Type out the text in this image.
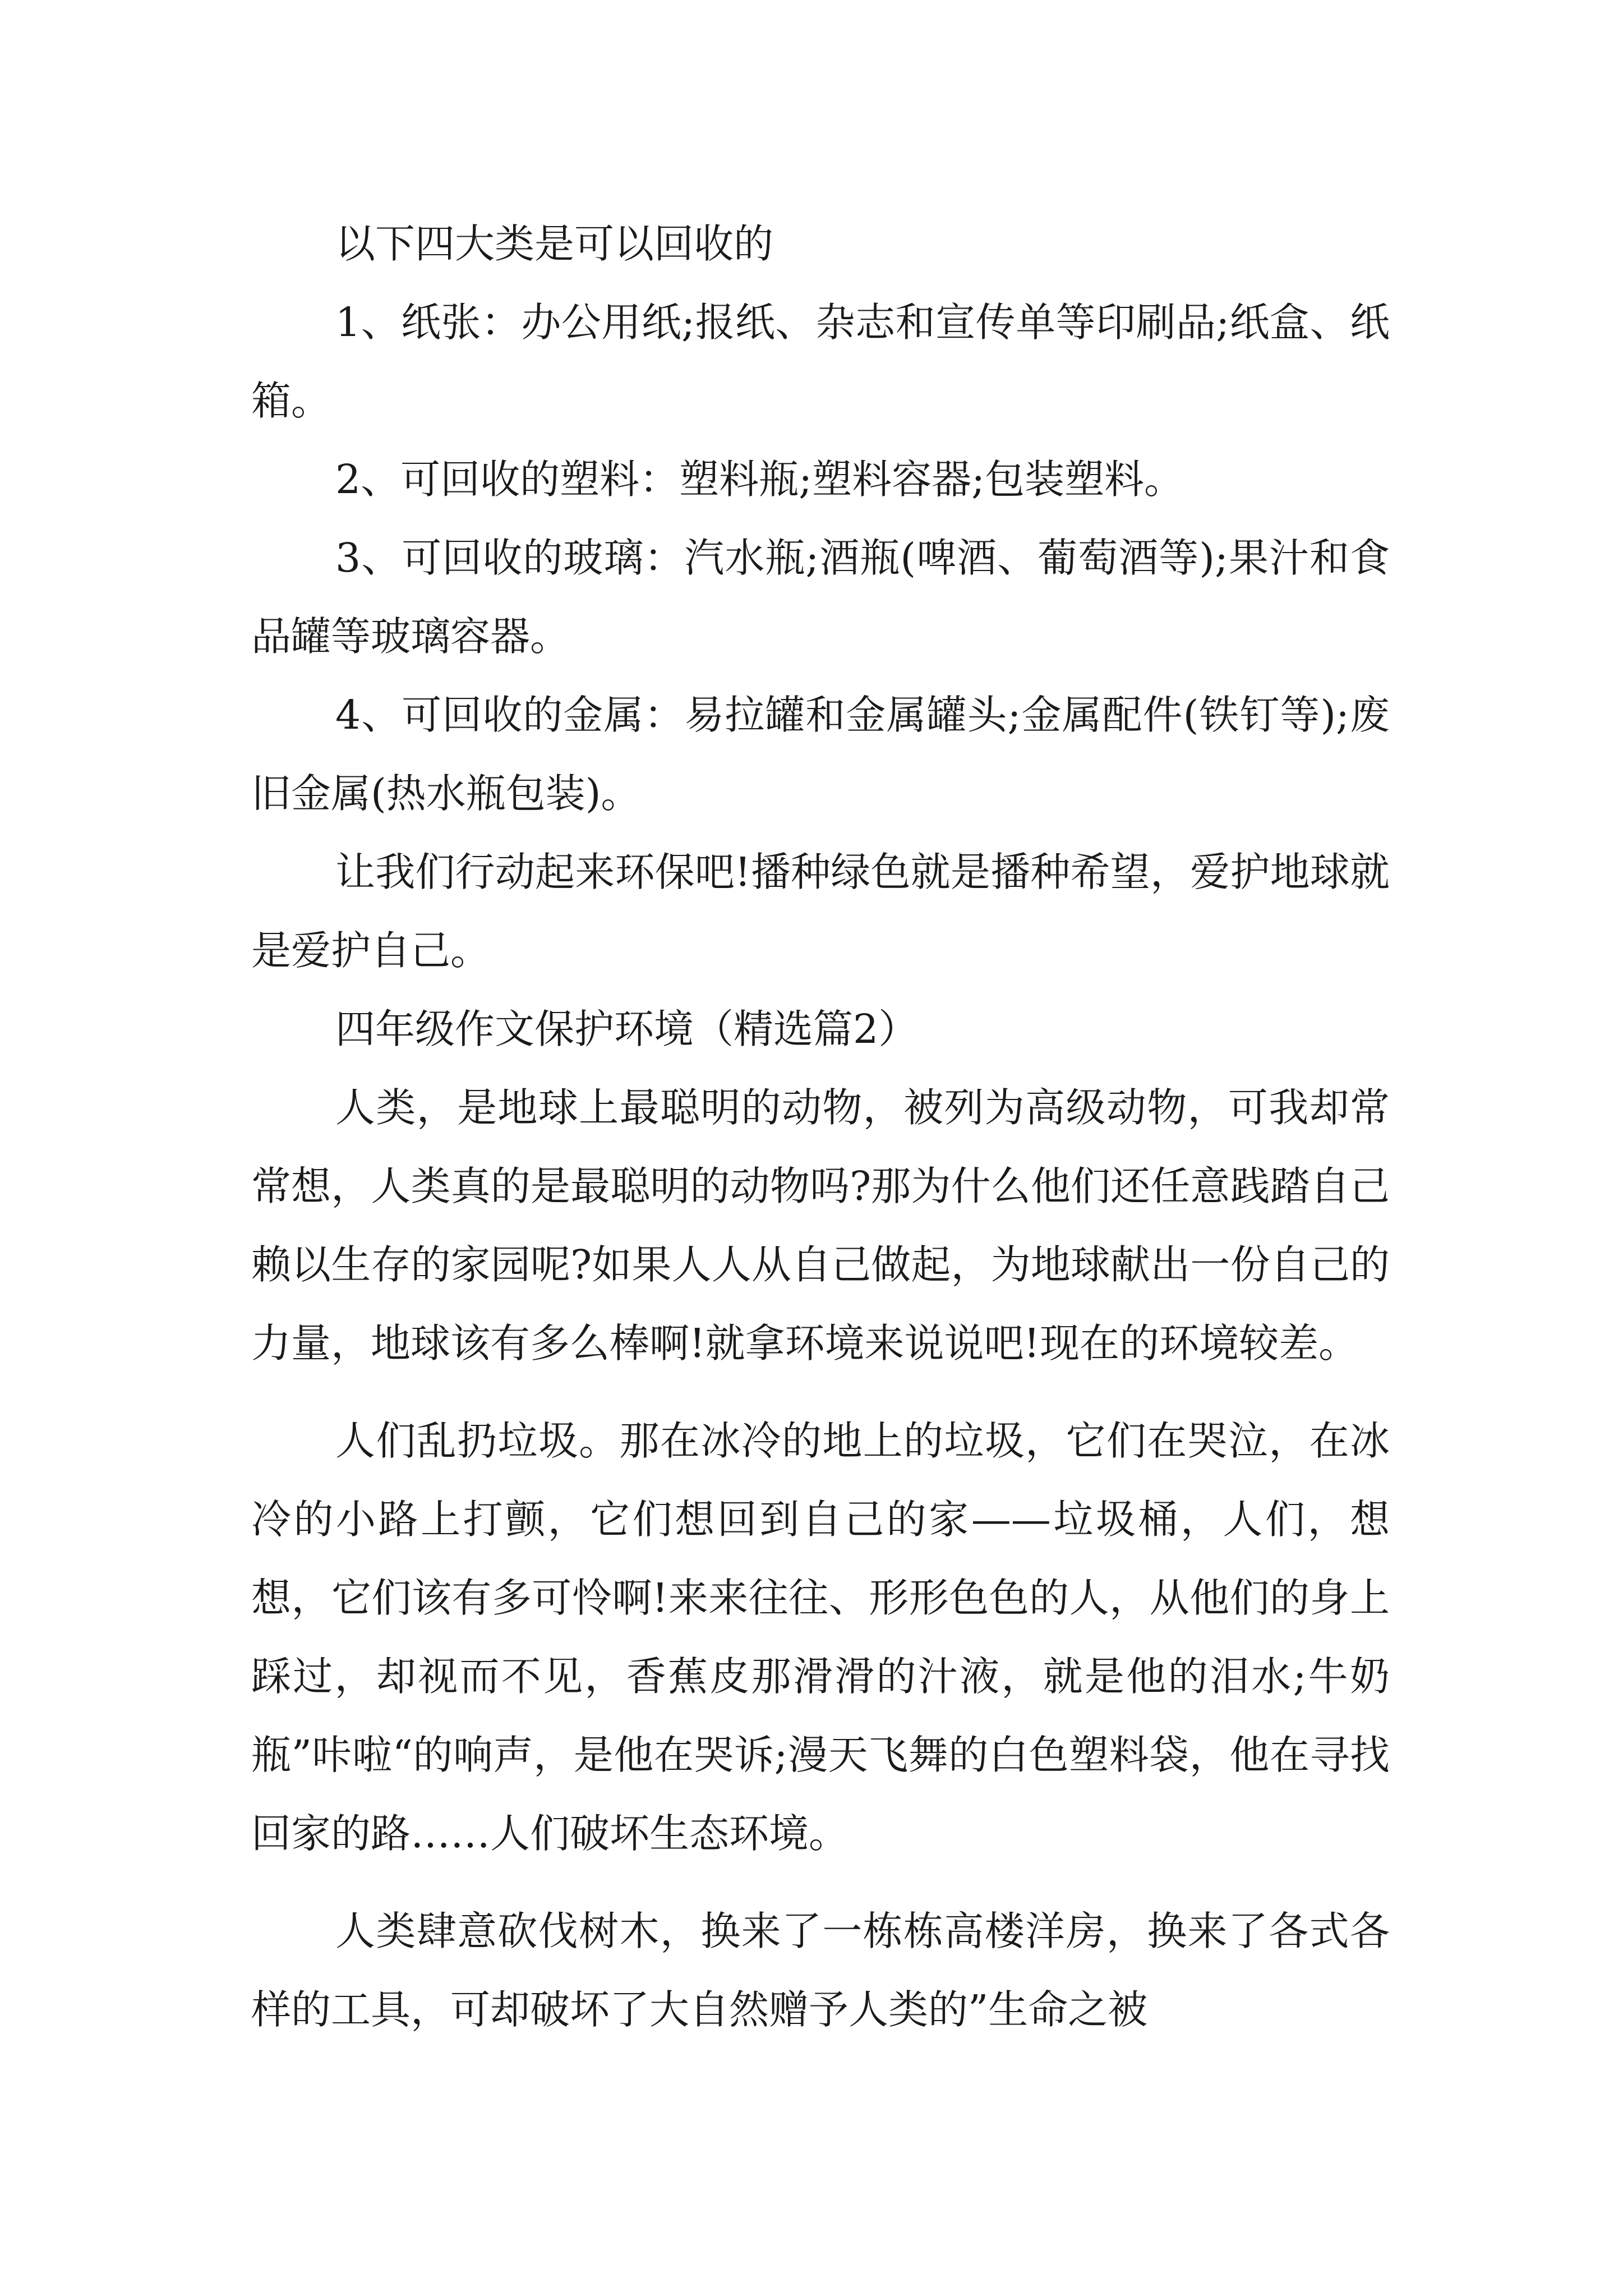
以下四大类是可以回收的

1、纸张：办公用纸;报纸、杂志和宣传单等印刷品;纸盒、纸箱。

2、可回收的塑料：塑料瓶;塑料容器;包装塑料。

3、可回收的玻璃：汽水瓶;酒瓶(啤酒、葡萄酒等);果汁和食品罐等玻璃容器。

4、可回收的金属：易拉罐和金属罐头;金属配件(铁钉等);废旧金属(热水瓶包装)。

让我们行动起来环保吧!播种绿色就是播种希望，爱护地球就是爱护自己。

四年级作文保护环境（精选篇2）

人类，是地球上最聪明的动物，被列为高级动物，可我却常常想，人类真的是最聪明的动物吗?那为什么他们还任意践踏自己赖以生存的家园呢?如果人人从自己做起，为地球献出一份自己的力量，地球该有多么棒啊!就拿环境来说说吧!现在的环境较差。

人们乱扔垃圾。那在冰冷的地上的垃圾，它们在哭泣，在冰冷的小路上打颤，它们想回到自己的家——垃圾桶，人们，想想，它们该有多可怜啊!来来往往、形形色色的人，从他们的身上踩过，却视而不见，香蕉皮那滑滑的汁液，就是他的泪水;牛奶瓶”咔啦“的响声，是他在哭诉;漫天飞舞的白色塑料袋，他在寻找回家的路……人们破坏生态环境。

人类肆意砍伐树木，换来了一栋栋高楼洋房，换来了各式各样的工具，可却破坏了大自然赠予人类的”生命之被
